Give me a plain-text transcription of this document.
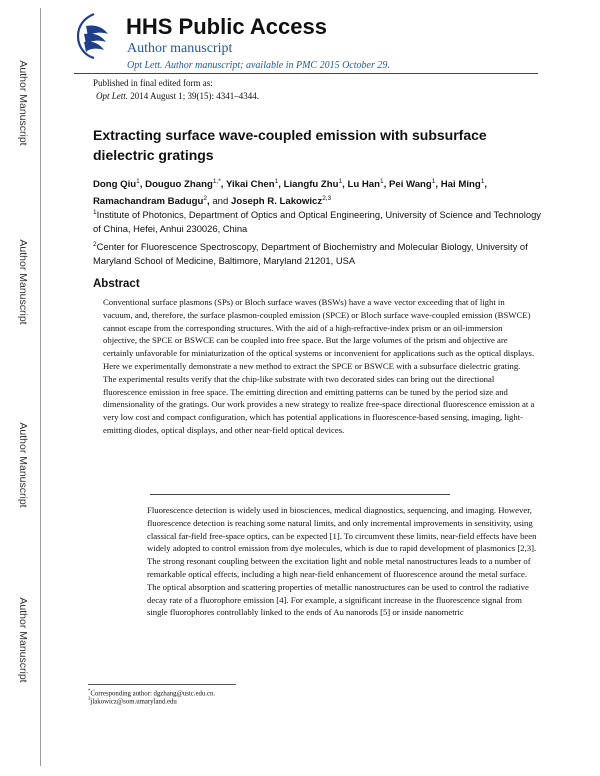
Author Manuscript
Author Manuscript
Author Manuscript
Author Manuscript
HHS Public Access
Author manuscript
Opt Lett. Author manuscript; available in PMC 2015 October 29.
Published in final edited form as:
Opt Lett. 2014 August 1; 39(15): 4341–4344.
Extracting surface wave-coupled emission with subsurface dielectric gratings
Dong Qiu$^1$, Douguo Zhang$^{1,*}$, Yikai Chen$^1$, Liangfu Zhu$^1$, Lu Han$^1$, Pei Wang$^1$, Hai Ming$^1$,
Ramachandram Badugu$^2$, and Joseph R. Lakowicz$^{2,3}$
$^1$Institute of Photonics, Department of Optics and Optical Engineering, University of Science and Technology of China, Hefei, Anhui 230026, China
$^2$Center for Fluorescence Spectroscopy, Department of Biochemistry and Molecular Biology, University of Maryland School of Medicine, Baltimore, Maryland 21201, USA
Abstract
Conventional surface plasmons (SPs) or Bloch surface waves (BSWs) have a wave vector exceeding that of light in vacuum, and, therefore, the surface plasmon-coupled emission (SPCE) or Bloch surface wave-coupled emission (BSWCE) cannot escape from the corresponding structures. With the aid of a high-refractive-index prism or an oil-immersion objective, the SPCE or BSWCE can be coupled into free space. But the large volumes of the prism and objective are certainly unfavorable for miniaturization of the optical systems or inconvenient for applications such as the optical displays. Here we experimentally demonstrate a new method to extract the SPCE or BSWCE with a subsurface dielectric grating. The experimental results verify that the chip-like substrate with two decorated sides can bring out the directional fluorescence emission in free space. The emitting direction and emitting patterns can be tuned by the period size and dimensionality of the gratings. Our work provides a new strategy to realize free-space directional fluorescence emission at a very low cost and compact configuration, which has potential applications in fluorescence-based sensing, imaging, light-emitting diodes, optical displays, and other near-field optical devices.
Fluorescence detection is widely used in biosciences, medical diagnostics, sequencing, and imaging. However, fluorescence detection is reaching some natural limits, and only incremental improvements in sensitivity, using classical far-field free-space optics, can be expected [1]. To circumvent these limits, near-field effects have been widely adopted to control emission from dye molecules, which is due to rapid development of plasmonics [2,3]. The strong resonant coupling between the excitation light and noble metal nanostructures leads to a number of remarkable optical effects, including a high near-field enhancement of fluorescence around the metal surface. The optical absorption and scattering properties of metallic nanostructures can be used to control the radiative decay rate of a fluorophore emission [4]. For example, a significant increase in the fluorescence signal from single fluorophores controllably linked to the ends of Au nanorods [5] or inside nanometric
*Corresponding author: dgzhang@ustc.edu.cn.
$^3$jlakowicz@som.umaryland.edu
